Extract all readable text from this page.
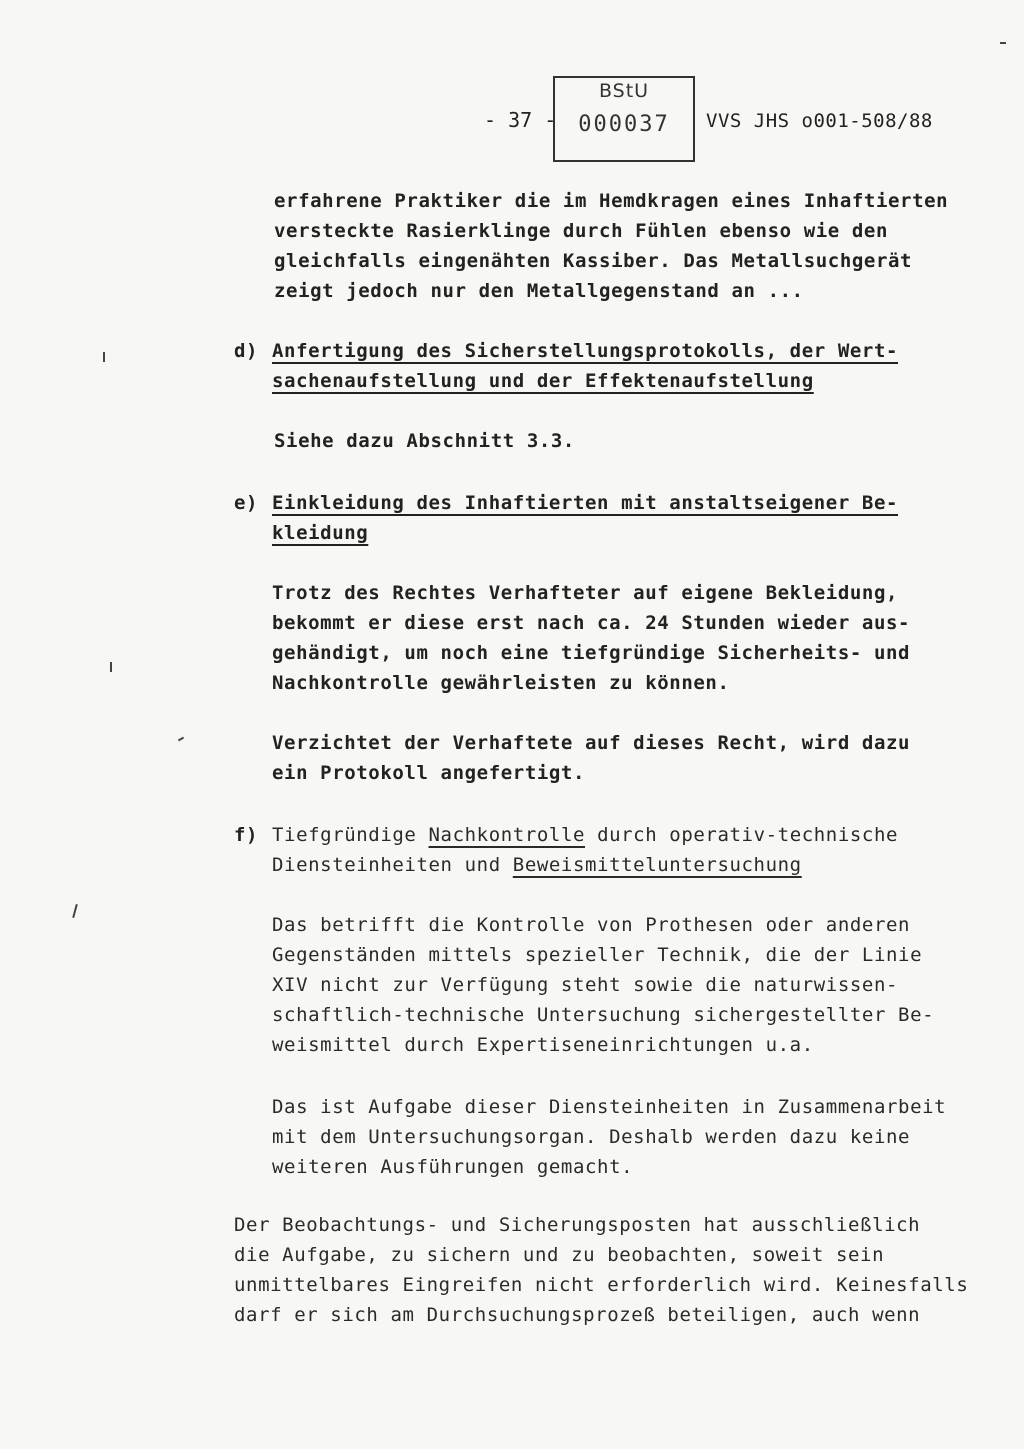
- 37 -
BStU
000037	VVS JHS o001-508/88
erfahrene Praktiker die im Hemdkragen eines Inhaftierten
versteckte Rasierklinge durch Fühlen ebenso wie den
gleichfalls eingenähten Kassiber. Das Metallsuchgerät
zeigt jedoch nur den Metallgegenstand an ...
d) Anfertigung des Sicherstellungsprotokolls, der Wert-
sachenaufstellung und der Effektenaufstellung
Siehe dazu Abschnitt 3.3.
e) Einkleidung des Inhaftierten mit anstaltseigener Be-
kleidung
Trotz des Rechtes Verhafteter auf eigene Bekleidung,
bekommt er diese erst nach ca. 24 Stunden wieder aus-
gehändigt, um noch eine tiefgründige Sicherheits- und
Nachkontrolle gewährleisten zu können.
Verzichtet der Verhaftete auf dieses Recht, wird dazu
ein Protokoll angefertigt.
f) Tiefgründige Nachkontrolle durch operativ-technische
Diensteinheiten und Beweismitteluntersuchung
Das betrifft die Kontrolle von Prothesen oder anderen
Gegenständen mittels spezieller Technik, die der Linie
XIV nicht zur Verfügung steht sowie die naturwissen-
schaftlich-technische Untersuchung sichergestellter Be-
weismittel durch Expertiseneinrichtungen u.a.
Das ist Aufgabe dieser Diensteinheiten in Zusammenarbeit
mit dem Untersuchungsorgan. Deshalb werden dazu keine
weiteren Ausführungen gemacht.
Der Beobachtungs- und Sicherungsposten hat ausschließlich
die Aufgabe, zu sichern und zu beobachten, soweit sein
unmittelbares Eingreifen nicht erforderlich wird. Keinesfalls
darf er sich am Durchsuchungsprozeß beteiligen, auch wenn
